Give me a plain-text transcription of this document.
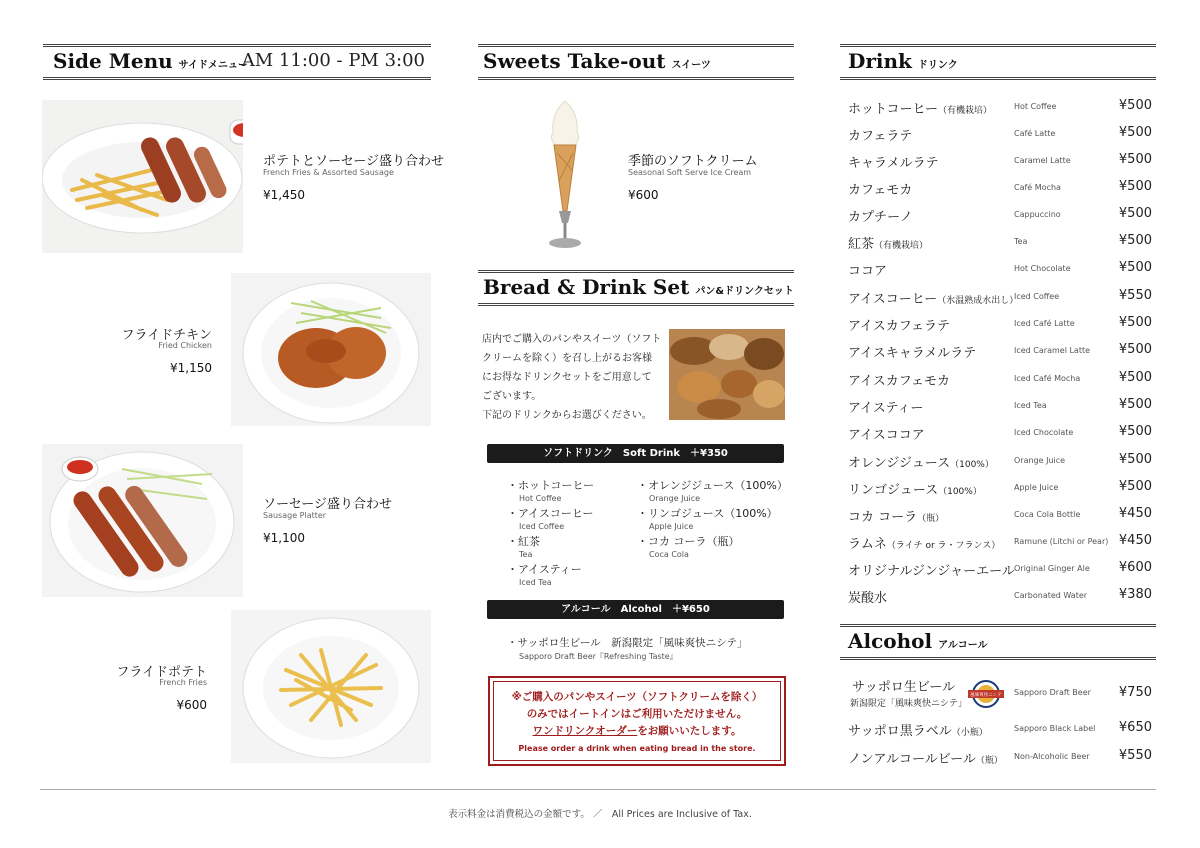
Side Menu サイドメニュー
AM 11:00 - PM 3:00
ポテトとソーセージ盛り合わせ
French Fries & Assorted Sausage
¥1,450
フライドチキン
Fried Chicken
¥1,150
ソーセージ盛り合わせ
Sausage Platter
¥1,100
フライドポテト
French Fries
¥600
Sweets Take-out スイーツ
季節のソフトクリーム
Seasonal Soft Serve Ice Cream
¥600
Bread & Drink Set パン&ドリンクセット

店内でご購入のパンやスイーツ（ソフト

クリームを除く）を召し上がるお客様

にお得なドリンクセットをご用意して

ございます。

下記のドリンクからお選びください。

ソフトドリンク Soft Drink ＋¥350
・ホットコーヒー
Hot Coffee
・アイスコーヒー
Iced Coffee
・紅茶
Tea
・アイスティー
Iced Tea
・オレンジジュース（100%）
Orange Juice
・リンゴジュース（100%）
Apple Juice
・コカ コーラ（瓶）
Coca Cola
アルコール Alcohol ＋¥650
・サッポロ生ビール　新潟限定「風味爽快ニシテ」
Sapporo Draft Beer『Refreshing Taste』
※ご購入のパンやスイーツ（ソフトクリームを除く）
のみではイートインはご利用いただけません。
ワンドリンクオーダーをお願いいたします。
Please order a drink when eating bread in the store.
Drink ドリンク
ホットコーヒー（有機栽培）	Hot Coffee	¥500
カフェラテ	Café Latte	¥500
キャラメルラテ	Caramel Latte	¥500
カフェモカ	Café Mocha	¥500
カプチーノ	Cappuccino	¥500
紅茶（有機栽培）	Tea	¥500
ココア	Hot Chocolate	¥500
アイスコーヒー（氷温熟成水出し）
Iced Coffee	¥550
アイスカフェラテ	Iced Café Latte	¥500
アイスキャラメルラテ	Iced Caramel Latte ¥500
アイスカフェモカ	Iced Café Mocha	¥500
アイスティー	Iced Tea	¥500
アイスココア	Iced Chocolate	¥500
オレンジジュース（100%）	Orange Juice	¥500
リンゴジュース（100%）	Apple Juice	¥500
コカ コーラ（瓶）	Coca Cola Bottle	¥450
ラムネ（ライチ or ラ・フランス） Ramune (Litchi or Pear) ¥450
オリジナルジンジャーエール Original Ginger Ale ¥600
炭酸水	Carbonated Water ¥380
Alcohol アルコール
サッポロ生ビール
新潟限定「風味爽快ニシテ」
Sapporo Draft Beer ¥750
風味爽快ニシテ
サッポロ黒ラベル（小瓶）	Sapporo Black Label ¥650
ノンアルコールビール（瓶） Non-Alcoholic Beer ¥550
表示料金は消費税込の金額です。 ／　All Prices are Inclusive of Tax.
